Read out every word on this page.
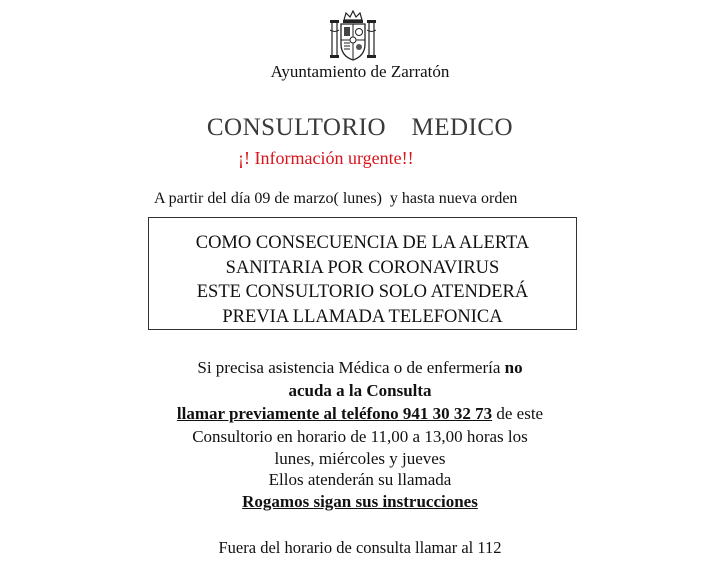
Ayuntamiento de Zarratón
CONSULTORIO  MEDICO
¡! Información urgente!!
A partir del día 09 de marzo( lunes)  y hasta nueva orden
COMO CONSECUENCIA DE LA ALERTA
SANITARIA POR CORONAVIRUS
ESTE CONSULTORIO SOLO ATENDERÁ
PREVIA LLAMADA TELEFONICA
Si precisa asistencia Médica o de enfermería no
acuda a la Consulta
llamar previamente al teléfono 941 30 32 73 de este
Consultorio en horario de 11,00 a 13,00 horas los
lunes, miércoles y jueves
Ellos atenderán su llamada
Rogamos sigan sus instrucciones
Fuera del horario de consulta llamar al 112
